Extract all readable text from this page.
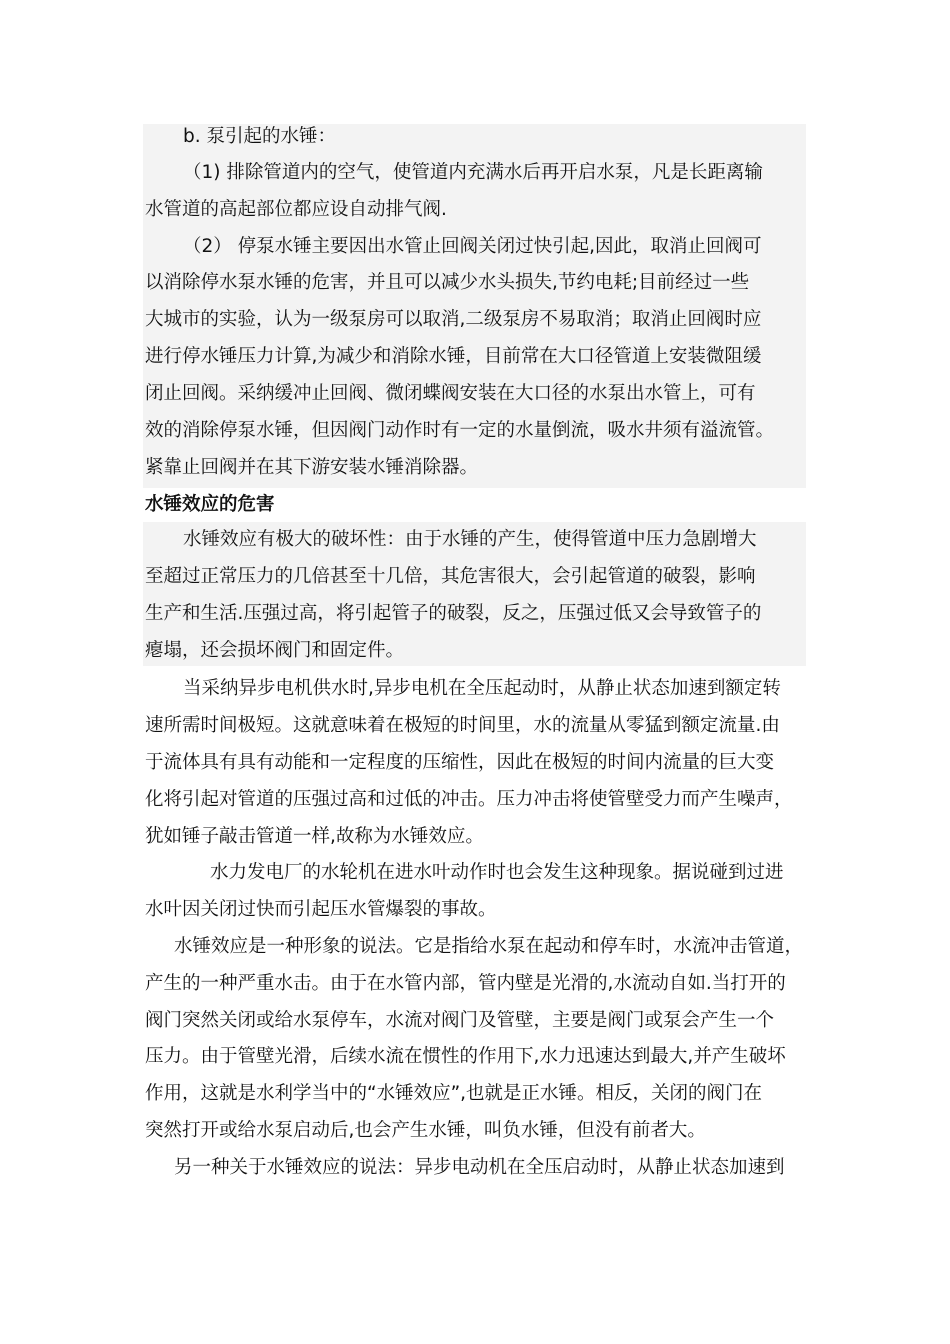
b. 泵引起的水锤：
（1) 排除管道内的空气，使管道内充满水后再开启水泵，凡是长距离输
水管道的高起部位都应设自动排气阀.
（2） 停泵水锤主要因出水管止回阀关闭过快引起,因此，取消止回阀可
以消除停水泵水锤的危害，并且可以减少水头损失,节约电耗;目前经过一些
大城市的实验，认为一级泵房可以取消,二级泵房不易取消；取消止回阀时应
进行停水锤压力计算,为减少和消除水锤，目前常在大口径管道上安装微阻缓
闭止回阀。采纳缓冲止回阀、微闭蝶阀安装在大口径的水泵出水管上，可有
效的消除停泵水锤，但因阀门动作时有一定的水量倒流，吸水井须有溢流管。
紧靠止回阀并在其下游安装水锤消除器。
水锤效应的危害
水锤效应有极大的破坏性：由于水锤的产生，使得管道中压力急剧增大
至超过正常压力的几倍甚至十几倍，其危害很大，会引起管道的破裂，影响
生产和生活.压强过高，将引起管子的破裂，反之，压强过低又会导致管子的
瘪塌，还会损坏阀门和固定件。
当采纳异步电机供水时,异步电机在全压起动时，从静止状态加速到额定转
速所需时间极短。这就意味着在极短的时间里，水的流量从零猛到额定流量.由
于流体具有具有动能和一定程度的压缩性，因此在极短的时间内流量的巨大变
化将引起对管道的压强过高和过低的冲击。压力冲击将使管壁受力而产生噪声，
犹如锤子敲击管道一样,故称为水锤效应。
水力发电厂的水轮机在进水叶动作时也会发生这种现象。据说碰到过进
水叶因关闭过快而引起压水管爆裂的事故。
水锤效应是一种形象的说法。它是指给水泵在起动和停车时，水流冲击管道，
产生的一种严重水击。由于在水管内部，管内壁是光滑的,水流动自如.当打开的
阀门突然关闭或给水泵停车，水流对阀门及管壁，主要是阀门或泵会产生一个
压力。由于管壁光滑，后续水流在惯性的作用下,水力迅速达到最大,并产生破坏
作用，这就是水利学当中的“水锤效应”,也就是正水锤。相反，关闭的阀门在
突然打开或给水泵启动后,也会产生水锤，叫负水锤，但没有前者大。
另一种关于水锤效应的说法：异步电动机在全压启动时，从静止状态加速到
